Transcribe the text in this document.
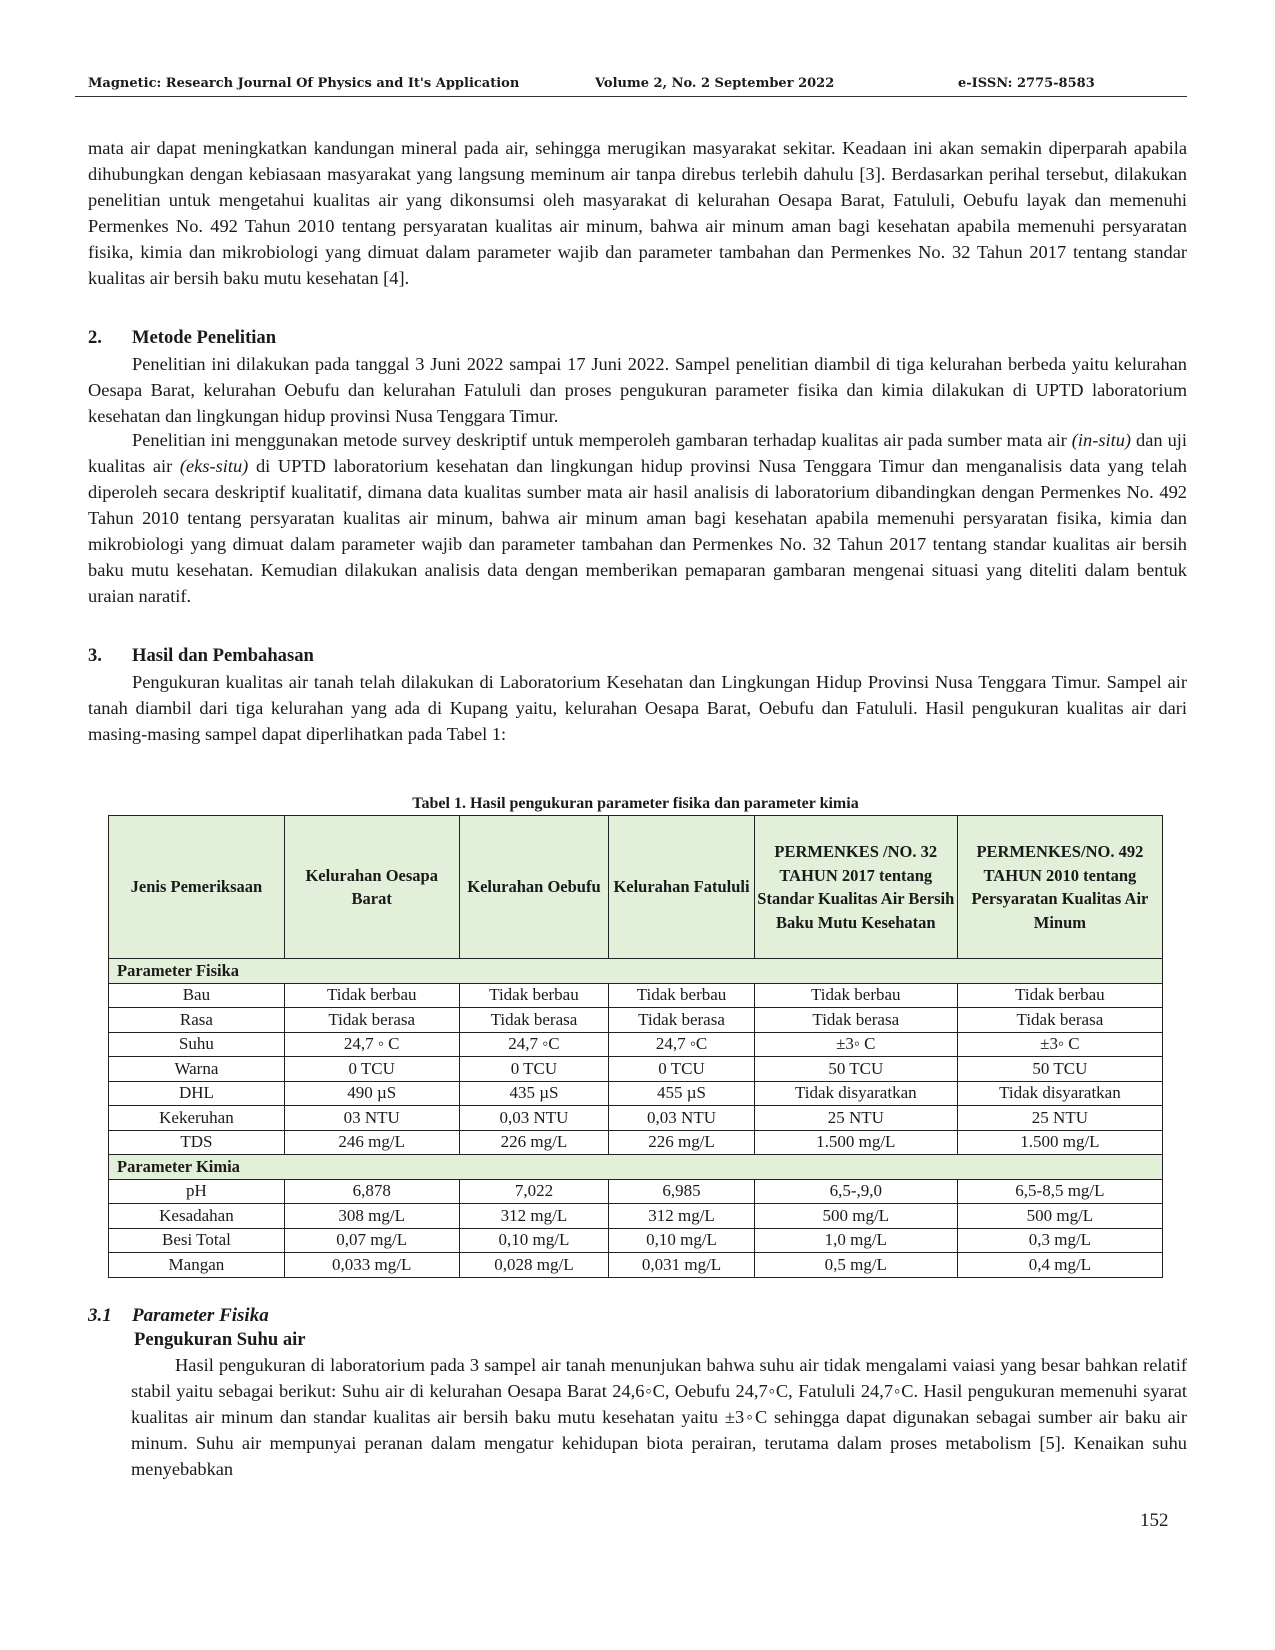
Magnetic: Research Journal Of Physics and It's Application	Volume 2, No. 2 September 2022	e-ISSN: 2775-8583

mata air dapat meningkatkan kandungan mineral pada air, sehingga merugikan masyarakat sekitar. Keadaan ini akan semakin diperparah apabila dihubungkan dengan kebiasaan masyarakat yang langsung meminum air tanpa direbus terlebih dahulu [3]. Berdasarkan perihal tersebut, dilakukan penelitian untuk mengetahui kualitas air yang dikonsumsi oleh masyarakat di kelurahan Oesapa Barat, Fatululi, Oebufu layak dan memenuhi Permenkes No. 492 Tahun 2010 tentang persyaratan kualitas air minum, bahwa air minum aman bagi kesehatan apabila memenuhi persyaratan fisika, kimia dan mikrobiologi yang dimuat dalam parameter wajib dan parameter tambahan dan Permenkes No. 32 Tahun 2017 tentang standar kualitas air bersih baku mutu kesehatan [4].

2. Metode Penelitian

Penelitian ini dilakukan pada tanggal 3 Juni 2022 sampai 17 Juni 2022. Sampel penelitian diambil di tiga kelurahan berbeda yaitu kelurahan Oesapa Barat, kelurahan Oebufu dan kelurahan Fatululi dan proses pengukuran parameter fisika dan kimia dilakukan di UPTD laboratorium kesehatan dan lingkungan hidup provinsi Nusa Tenggara Timur.

Penelitian ini menggunakan metode survey deskriptif untuk memperoleh gambaran terhadap kualitas air pada sumber mata air (in-situ) dan uji kualitas air (eks-situ) di UPTD laboratorium kesehatan dan lingkungan hidup provinsi Nusa Tenggara Timur dan menganalisis data yang telah diperoleh secara deskriptif kualitatif, dimana data kualitas sumber mata air hasil analisis di laboratorium dibandingkan dengan Permenkes No. 492 Tahun 2010 tentang persyaratan kualitas air minum, bahwa air minum aman bagi kesehatan apabila memenuhi persyaratan fisika, kimia dan mikrobiologi yang dimuat dalam parameter wajib dan parameter tambahan dan Permenkes No. 32 Tahun 2017 tentang standar kualitas air bersih baku mutu kesehatan. Kemudian dilakukan analisis data dengan memberikan pemaparan gambaran mengenai situasi yang diteliti dalam bentuk uraian naratif.

3. Hasil dan Pembahasan

Pengukuran kualitas air tanah telah dilakukan di Laboratorium Kesehatan dan Lingkungan Hidup Provinsi Nusa Tenggara Timur. Sampel air tanah diambil dari tiga kelurahan yang ada di Kupang yaitu, kelurahan Oesapa Barat, Oebufu dan Fatululi. Hasil pengukuran kualitas air dari masing-masing sampel dapat diperlihatkan pada Tabel 1:

Tabel 1. Hasil pengukuran parameter fisika dan parameter kimia
Jenis Pemeriksaan	Kelurahan Oesapa Barat	Kelurahan Oebufu	Kelurahan Fatululi	PERMENKES /NO. 32 TAHUN 2017 tentang Standar Kualitas Air Bersih Baku Mutu Kesehatan	PERMENKES/NO. 492 TAHUN 2010 tentang Persyaratan Kualitas Air Minum
Parameter Fisika					
Bau	Tidak berbau	Tidak berbau	Tidak berbau	Tidak berbau	Tidak berbau
Rasa	Tidak berasa	Tidak berasa	Tidak berasa	Tidak berasa	Tidak berasa
Suhu	24,7 ◦ C	24,7 ◦C	24,7 ◦C	±3◦ C	±3◦ C
Warna	0 TCU	0 TCU	0 TCU	50 TCU	50 TCU
DHL	490 µS	435 µS	455 µS	Tidak disyaratkan	Tidak disyaratkan
Kekeruhan	03 NTU	0,03 NTU	0,03 NTU	25 NTU	25 NTU
TDS	246 mg/L	226 mg/L	226 mg/L	1.500 mg/L	1.500 mg/L
Parameter Kimia					
pH	6,878	7,022	6,985	6,5-,9,0	6,5-8,5 mg/L
Kesadahan	308 mg/L	312 mg/L	312 mg/L	500 mg/L	500 mg/L
Besi Total	0,07 mg/L	0,10 mg/L	0,10 mg/L	1,0 mg/L	0,3 mg/L
Mangan	0,033 mg/L	0,028 mg/L	0,031 mg/L	0,5 mg/L	0,4 mg/L
3.1 Parameter Fisika
Pengukuran Suhu air

Hasil pengukuran di laboratorium pada 3 sampel air tanah menunjukan bahwa suhu air tidak mengalami vaiasi yang besar bahkan relatif stabil yaitu sebagai berikut: Suhu air di kelurahan Oesapa Barat 24,6◦C, Oebufu 24,7◦C, Fatululi 24,7◦C. Hasil pengukuran memenuhi syarat kualitas air minum dan standar kualitas air bersih baku mutu kesehatan yaitu ±3◦C sehingga dapat digunakan sebagai sumber air baku air minum. Suhu air mempunyai peranan dalam mengatur kehidupan biota perairan, terutama dalam proses metabolism [5]. Kenaikan suhu menyebabkan

152
